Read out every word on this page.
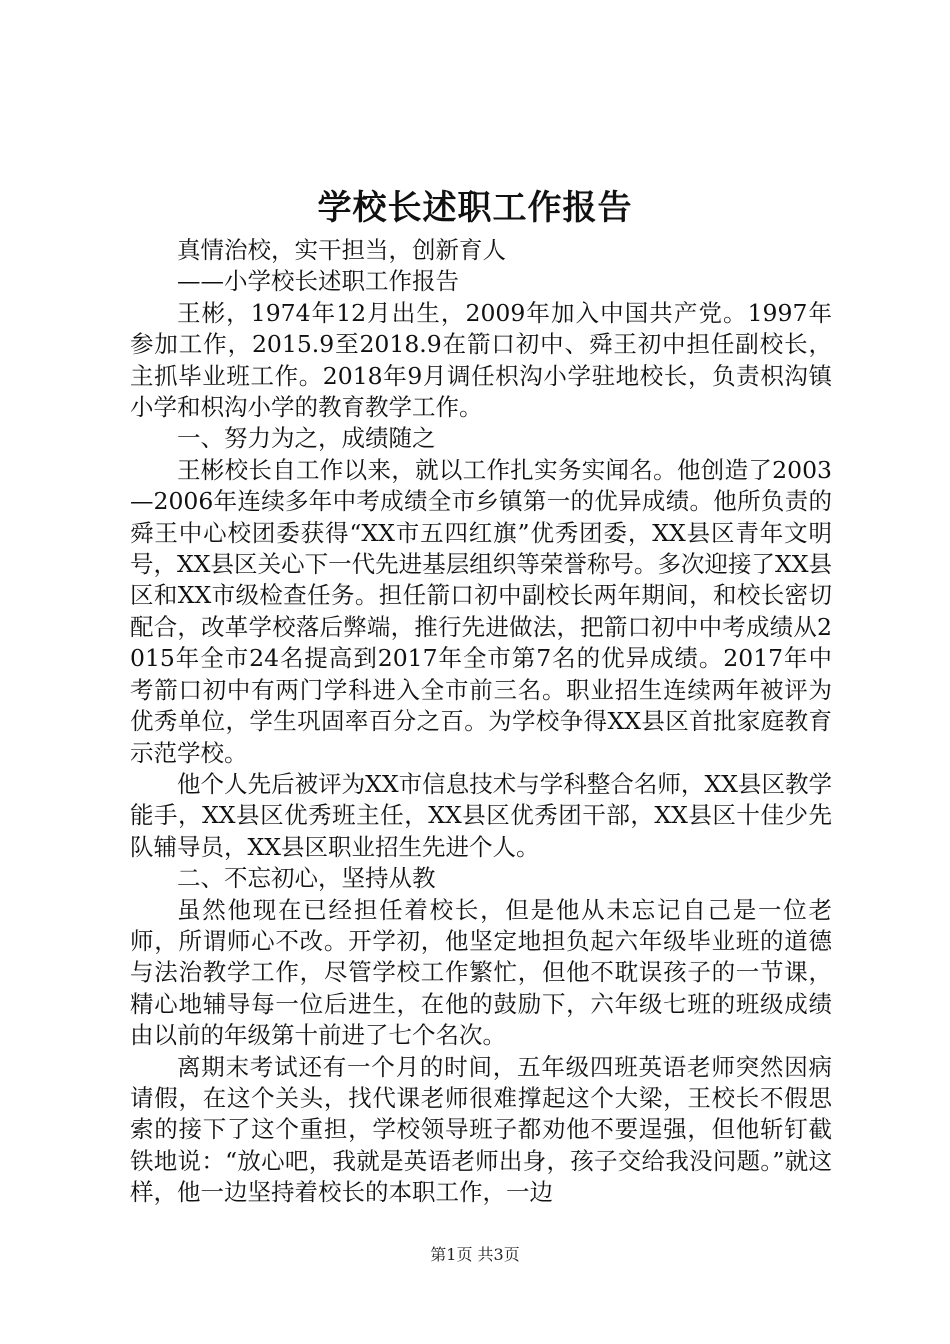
学校长述职工作报告

真情治校，实干担当，创新育人

——小学校长述职工作报告

王彬，1974年12月出生，2009年加入中国共产党。1997年参加工作，2015.9至2018.9在箭口初中、舜王初中担任副校长，主抓毕业班工作。2018年9月调任枳沟小学驻地校长，负责枳沟镇小学和枳沟小学的教育教学工作。

一、努力为之，成绩随之

王彬校长自工作以来，就以工作扎实务实闻名。他创造了2003—2006年连续多年中考成绩全市乡镇第一的优异成绩。他所负责的舜王中心校团委获得“XX市五四红旗”优秀团委，XX县区青年文明号，XX县区关心下一代先进基层组织等荣誉称号。多次迎接了XX县区和XX市级检查任务。担任箭口初中副校长两年期间，和校长密切配合，改革学校落后弊端，推行先进做法，把箭口初中中考成绩从2015年全市24名提高到2017年全市第7名的优异成绩。2017年中考箭口初中有两门学科进入全市前三名。职业招生连续两年被评为优秀单位，学生巩固率百分之百。为学校争得XX县区首批家庭教育示范学校。

他个人先后被评为XX市信息技术与学科整合名师，XX县区教学能手，XX县区优秀班主任，XX县区优秀团干部，XX县区十佳少先队辅导员，XX县区职业招生先进个人。

二、不忘初心，坚持从教

虽然他现在已经担任着校长，但是他从未忘记自己是一位老师，所谓师心不改。开学初，他坚定地担负起六年级毕业班的道德与法治教学工作，尽管学校工作繁忙，但他不耽误孩子的一节课，精心地辅导每一位后进生，在他的鼓励下，六年级七班的班级成绩由以前的年级第十前进了七个名次。

离期末考试还有一个月的时间，五年级四班英语老师突然因病请假，在这个关头，找代课老师很难撑起这个大梁，王校长不假思索的接下了这个重担，学校领导班子都劝他不要逞强，但他斩钉截铁地说：“放心吧，我就是英语老师出身，孩子交给我没问题。”就这样，他一边坚持着校长的本职工作，一边

第1页 共3页
